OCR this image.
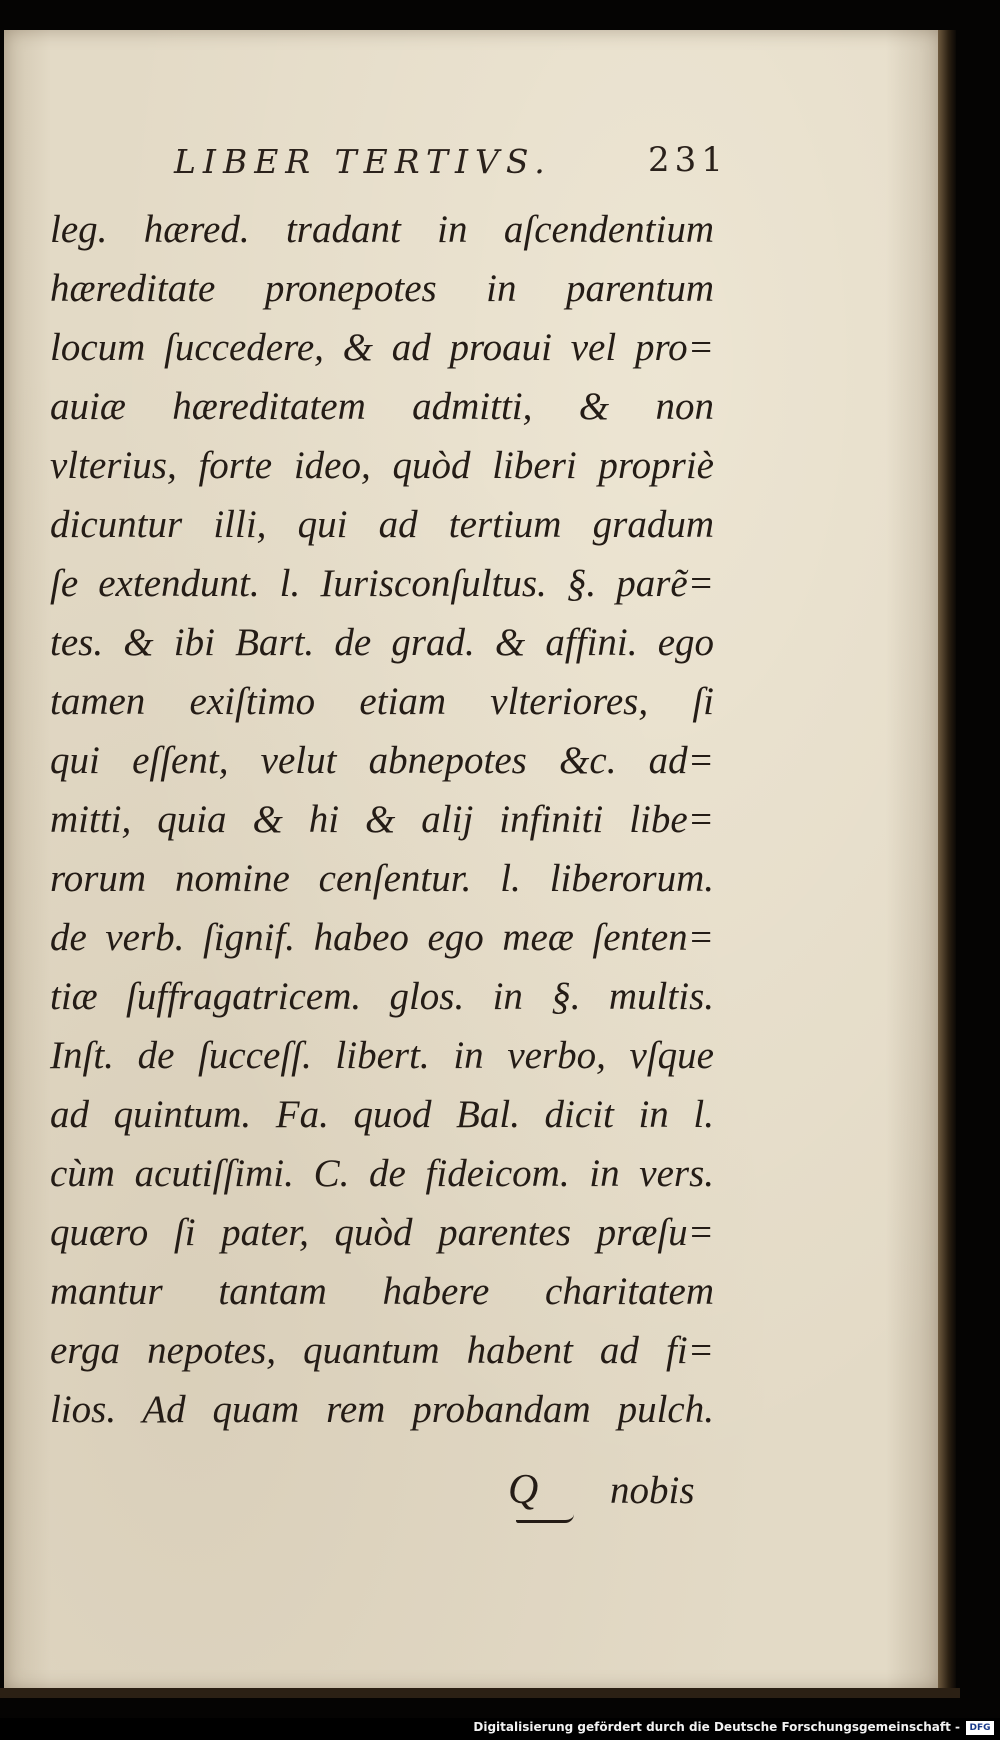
LIBER TERTIVS.	231
leg. hæred. tradant in aſcendentium
hæreditate pronepotes in parentum
locum ſuccedere, & ad proaui vel pro=
auiæ hæreditatem admitti, & non
vlterius, forte ideo, quòd liberi propriè
dicuntur illi, qui ad tertium gradum
ſe extendunt. l. Iurisconſultus. §. parẽ=
tes. & ibi Bart. de grad. & affini. ego
tamen exiſtimo etiam vlteriores, ſi
qui eſſent, velut abnepotes &c. ad=
mitti, quia & hi & alij infiniti libe=
rorum nomine cenſentur. l. liberorum.
de verb. ſignif. habeo ego meæ ſenten=
tiæ ſuffragatricem. glos. in §. multis.
Inſt. de ſucceſſ. libert. in verbo, vſque
ad quintum. Fa. quod Bal. dicit in l.
cùm acutiſſimi. C. de fideicom. in vers.
quæro ſi pater, quòd parentes præſu=
mantur tantam habere charitatem
erga nepotes, quantum habent ad fi=
lios. Ad quam rem probandam pulch.
Q nobis
Digitalisierung gefördert durch die Deutsche Forschungsgemeinschaft -	DFG
